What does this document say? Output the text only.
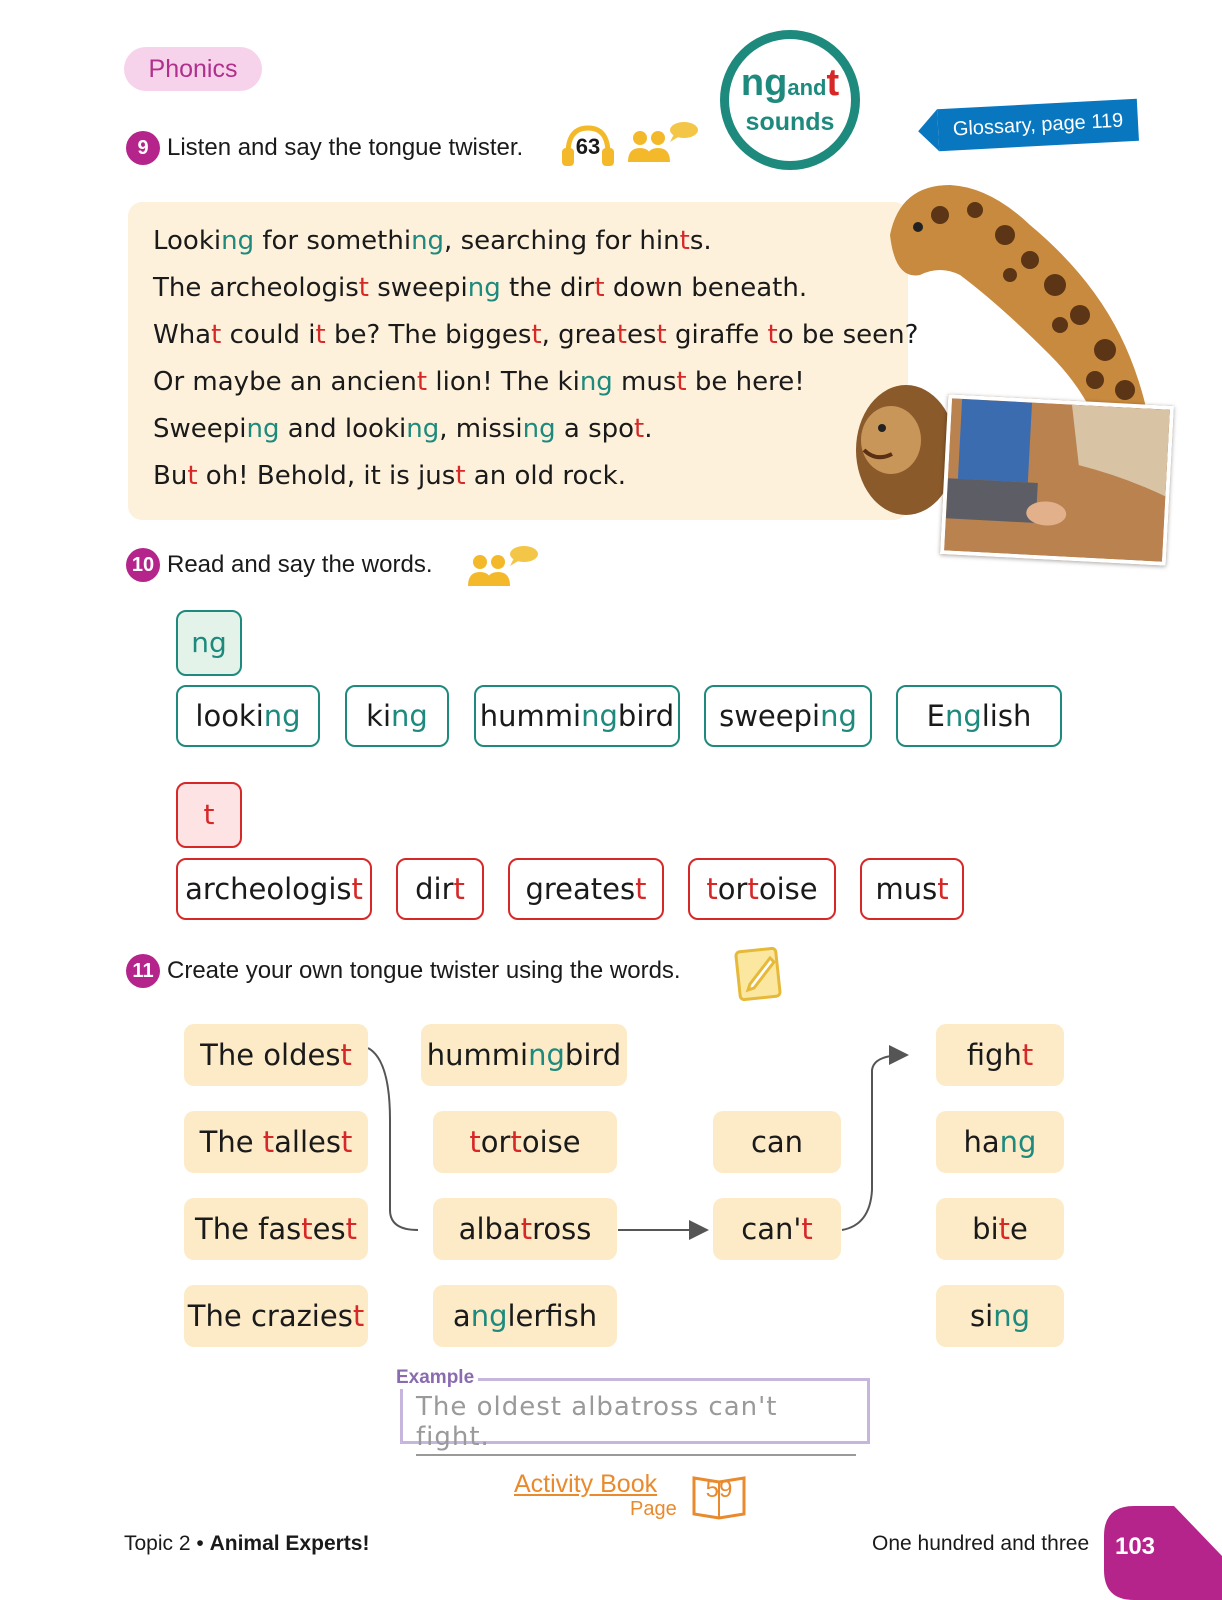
Phonics	ngandt
sounds	Glossary, page 119
9 Listen and say the tongue twister.	63
Looking for something, searching for hints.
The archeologist sweeping the dirt down beneath.
What could it be? The biggest, greatest giraffe to be seen?
Or maybe an ancient lion! The king must be here!
Sweeping and looking, missing a spot.
But oh! Behold, it is just an old rock.
10 Read and say the words.
ng
looking	king	hummingbird	sweeping	English
t
archeologist	dirt	greatest	tortoise	must
11 Create your own tongue twister using the words.
The oldest
The tallest
The fastest
The craziest
hummingbird
tortoise
albatross
anglerfish
can
can't
fight
hang
bite
sing
Example
The oldest albatross can't fight.
Activity Book
Page
59
Topic 2 • Animal Experts!	One hundred and three	103
